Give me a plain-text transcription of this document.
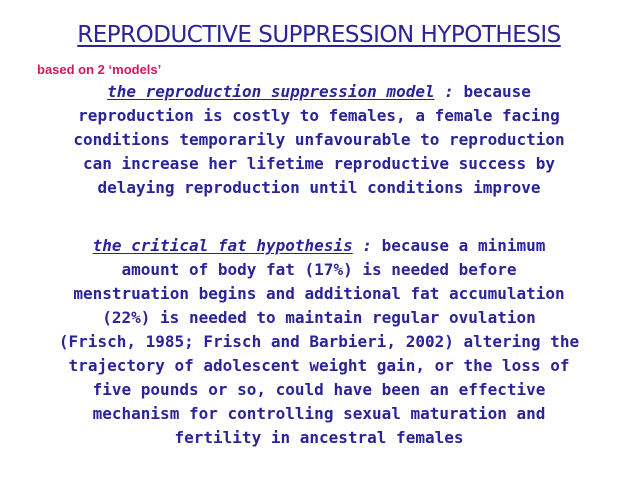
REPRODUCTIVE SUPPRESSION HYPOTHESIS
based on 2 ‘models’
the reproduction suppression model : because
reproduction is costly to females, a female facing
conditions temporarily unfavourable to reproduction
can increase her lifetime reproductive success by
delaying reproduction until conditions improve
the critical fat hypothesis : because a minimum
amount of body fat (17%) is needed before
menstruation begins and additional fat accumulation
(22%) is needed to maintain regular ovulation
(Frisch, 1985; Frisch and Barbieri, 2002) altering the
trajectory of adolescent weight gain, or the loss of
five pounds or so, could have been an effective
mechanism for controlling sexual maturation and
fertility in ancestral females
